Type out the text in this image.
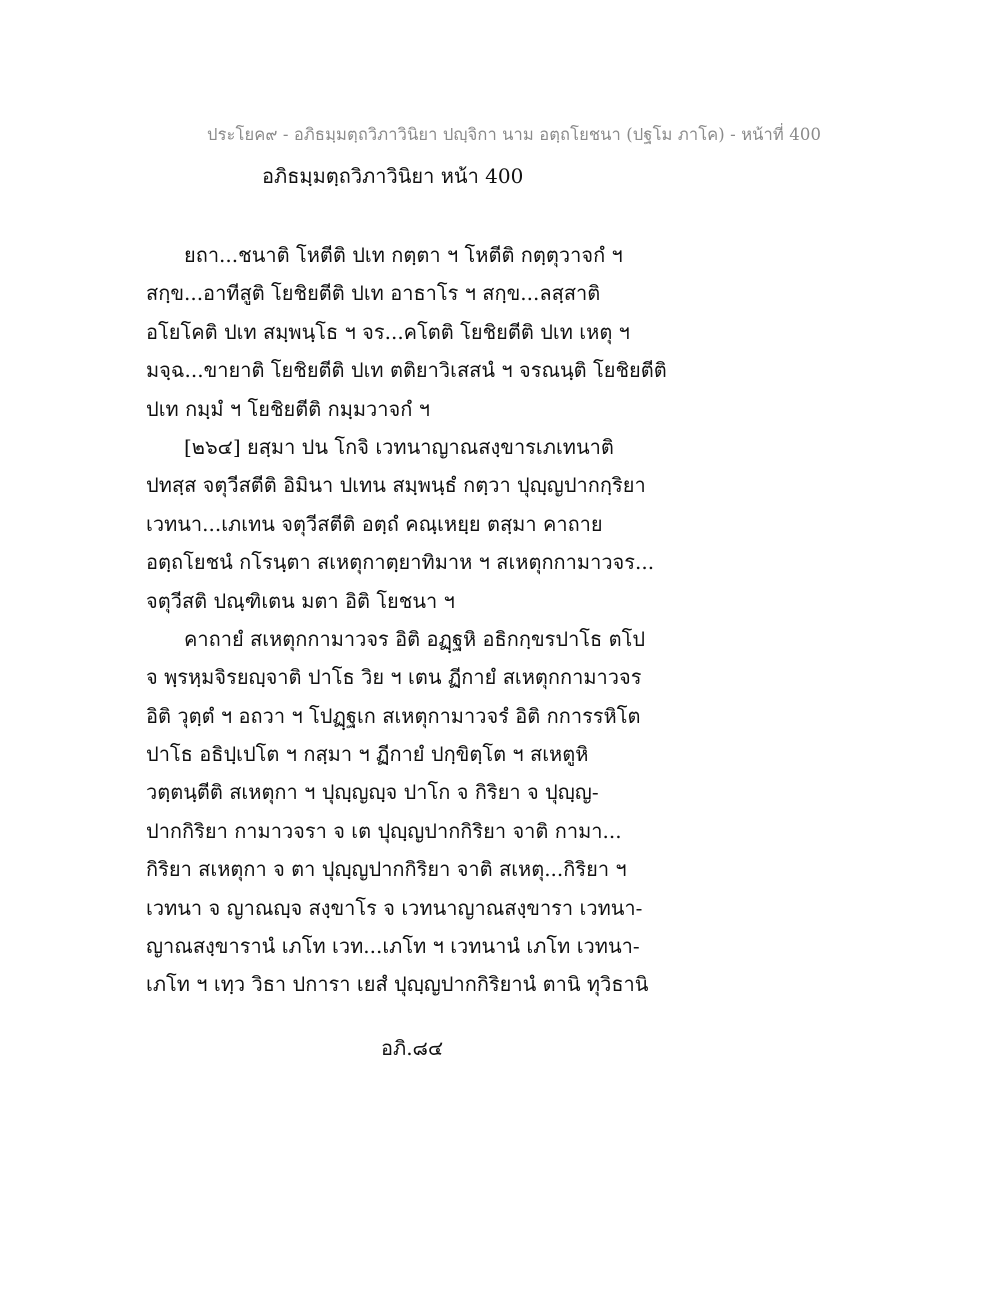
ประโยค๙ - อภิธมฺมตฺถวิภาวินิยา ปญฺจิกา นาม อตฺถโยชนา (ปฐโม ภาโค) - หน้าที่ 400
อภิธมฺมตฺถวิภาวินิยา หน้า 400
ยถา...ชนาติ โหตีติ ปเท กตฺตา ฯ โหตีติ กตฺตุวาจกํ ฯ
สกฺข...อาทีสูติ โยชิยตีติ ปเท อาธาโร ฯ สกฺข...ลสฺสาติ
อโยโคติ ปเท สมฺพนฺโธ ฯ จร...คโตติ โยชิยตีติ ปเท เหตุ ฯ
มจฺฉ...ขายาติ โยชิยตีติ ปเท ตติยาวิเสสนํ ฯ จรณนฺติ โยชิยตีติ
ปเท กมฺมํ ฯ โยชิยตีติ กมฺมวาจกํ ฯ
[๒๖๔] ยสฺมา ปน โกจิ เวทนาญาณสงฺขารเภเทนาติ
ปทสฺส จตุวีสตีติ อิมินา ปเทน สมฺพนฺธํ กตฺวา ปุญฺญปากกฺริยา
เวทนา...เภเทน จตุวีสตีติ อตฺถํ คณฺเหยฺย ตสฺมา คาถาย
อตฺถโยชนํ กโรนฺตา สเหตุกาตฺยาทิมาห ฯ สเหตุกกามาวจร...
จตุวีสติ ปณฺฑิเตน มตา อิติ โยชนา ฯ
คาถายํ สเหตุกกามาวจร อิติ อฏฺฐหิ อธิกกฺขรปาโธ ตโป
จ พฺรหฺมจิรยญฺจาติ ปาโธ วิย ฯ เตน ฏีกายํ สเหตุกกามาวจร
อิติ วุตฺตํ ฯ อถวา ฯ โปฏฺฐเก สเหตุกามาวจรํ อิติ กการรหิโต
ปาโธ อธิปฺเปโต ฯ กสฺมา ฯ ฏีกายํ ปกฺขิตฺโต ฯ สเหตูหิ
วตฺตนฺตีติ สเหตุกา ฯ ปุญฺญญฺจ ปาโก จ กิริยา จ ปุญฺญ-
ปากกิริยา กามาวจรา จ เต ปุญฺญปากกิริยา จาติ กามา...
กิริยา สเหตุกา จ ตา ปุญฺญปากกิริยา จาติ สเหตุ...กิริยา ฯ
เวทนา จ ญาณญฺจ สงฺขาโร จ เวทนาญาณสงฺขารา เวทนา-
ญาณสงฺขารานํ เภโท เวท...เภโท ฯ เวทนานํ เภโท เวทนา-
เภโท ฯ เทฺว วิธา ปการา เยสํ ปุญฺญปากกิริยานํ ตานิ ทุวิธานิ
อภิ.๘๔
